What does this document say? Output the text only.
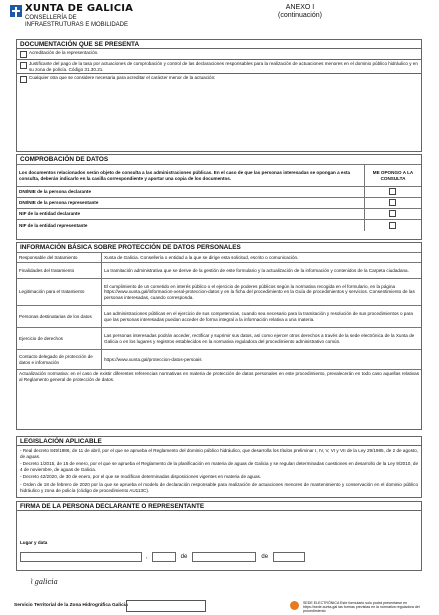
XUNTA DE GALICIA
CONSELLERÍA DE
INFRAESTRUTURAS E MOBILIDADE
ANEXO I
(continuación)
DOCUMENTACIÓN QUE SE PRESENTA
Acreditación de la representación.
Justificante del pago de la tasa por actuaciones de comprobación y control de las declaraciones responsables para la realización de actuaciones menores en el dominio público hidráulico y en su zona de policía. Código 31.30.21.
Cualquier otra que se considere necesaria para acreditar el carácter menor de la actuación:
COMPROBACIÓN DE DATOS
Los documentos relacionados serán objeto de consulta a las administraciones públicas. En el caso de que las personas interesadas se opongan a esta consulta, deberán indicarlo en la casilla correspondiente y aportar una copia de los documentos.	ME OPONGO A LA CONSULTA
DNI/NIE de la persona declarante	
DNI/NIE de la persona representante	
NIF de la entidad declarante	
NIF de la entidad representante	
INFORMACIÓN BÁSICA SOBRE PROTECCIÓN DE DATOS PERSONALES
Responsable del tratamiento	Xunta de Galicia. Consellería o entidad a la que se dirige esta solicitud, escrito o comunicación.
Finalidades del tratamiento	La tramitación administrativa que se derive de la gestión de este formulario y la actualización de la información y contenidos de la Carpeta ciudadana.
Legitimación para el tratamiento	El cumplimiento de un cometido en interés público o el ejercicio de poderes públicos según la normativa recogida en el formulario, en la página https://www.xunta.gal/informacion-xeral-proteccion-datos y en la ficha del procedimiento en la Guía de procedimientos y servicios. Consentimiento de las personas interesadas, cuando corresponda.
Personas destinatarias de los datos	Las administraciones públicas en el ejercicio de sus competencias, cuando sea necesario para la tramitación y resolución de sus procedimientos o para que las personas interesadas puedan acceder de forma integral a la información relativa a una materia.
Ejercicio de derechos	Las personas interesadas podrán acceder, rectificar y suprimir sus datos, así como ejercer otros derechos a través de la sede electrónica de la Xunta de Galicia o en los lugares y registros establecidos en la normativa reguladora del procedimiento administrativo común.
Contacto delegado de protección de datos e información	https://www.xunta.gal/proteccion-datos-persoais
Actualización normativa: en el caso de existir diferentes referencias normativas en materia de protección de datos personales en este procedimiento, prevalecerán en todo caso aquellas relativas al Reglamento general de protección de datos.
LEGISLACIÓN APLICABLE
- Real decreto 849/1986, de 11 de abril, por el que se aprueba el Reglamento del dominio público hidráulico, que desarrolla los títulos preliminar I, IV, V, VI y VII de la Ley 29/1985, de 2 de agosto, de aguas.
- Decreto 1/2015, de 15 de enero, por el que se aprueba el Reglamento de la planificación en materia de aguas de Galicia y se regulan determinadas cuestiones en desarrollo de la Ley 9/2010, de 4 de noviembre, de aguas de Galicia.
- Decreto 42/2020, de 30 de enero, por el que se modifican determinadas disposiciones vigentes en materia de aguas.
- Orden de 18 de febrero de 2020 por la que se aprueba el modelo de declaración responsable para realización de actuaciones menores de mantenimiento y conservación en el dominio público hidráulico y zona de policía (código de procedimiento AU113C).
FIRMA DE LA PERSONA DECLARANTE O REPRESENTANTE
Lugar y data
,	de	de
≀galicia
Servicio Territorial de la Zona Hidrográfica Galicia	SEDE ELECTRÓNICA Este formulario solo podrá presentarse en https://sede.xunta.gal las formas previstas en la normativa reguladora del procedimiento
